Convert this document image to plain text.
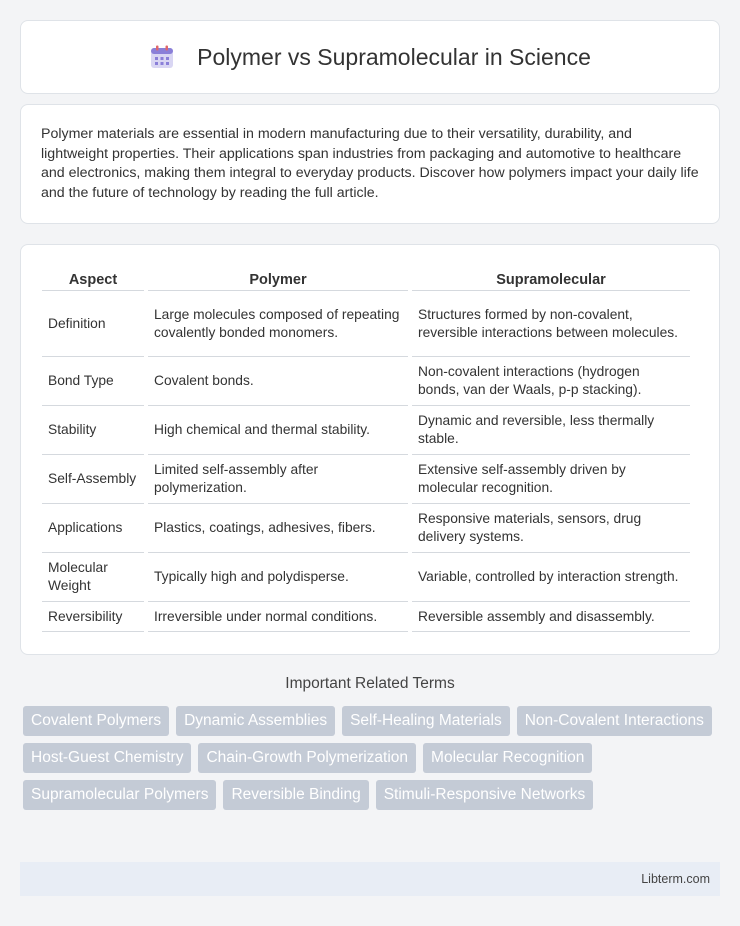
Polymer vs Supramolecular in Science

Polymer materials are essential in modern manufacturing due to their versatility, durability, and lightweight properties. Their applications span industries from packaging and automotive to healthcare and electronics, making them integral to everyday products. Discover how polymers impact your daily life and the future of technology by reading the full article.

Aspect	Polymer	Supramolecular
Definition	Large molecules composed of repeating covalently bonded monomers.	Structures formed by non-covalent, reversible interactions between molecules.
Bond Type	Covalent bonds.	Non-covalent interactions (hydrogen bonds, van der Waals, p-p stacking).
Stability	High chemical and thermal stability.	Dynamic and reversible, less thermally stable.
Self-Assembly	Limited self-assembly after polymerization.	Extensive self-assembly driven by molecular recognition.
Applications	Plastics, coatings, adhesives, fibers.	Responsive materials, sensors, drug delivery systems.
Molecular Weight	Typically high and polydisperse.	Variable, controlled by interaction strength.
Reversibility	Irreversible under normal conditions.	Reversible assembly and disassembly.
Important Related Terms
Covalent Polymers	Dynamic Assemblies	Self-Healing Materials	Non-Covalent Interactions
Host-Guest Chemistry	Chain-Growth Polymerization	Molecular Recognition
Supramolecular Polymers	Reversible Binding	Stimuli-Responsive Networks
Libterm.com
